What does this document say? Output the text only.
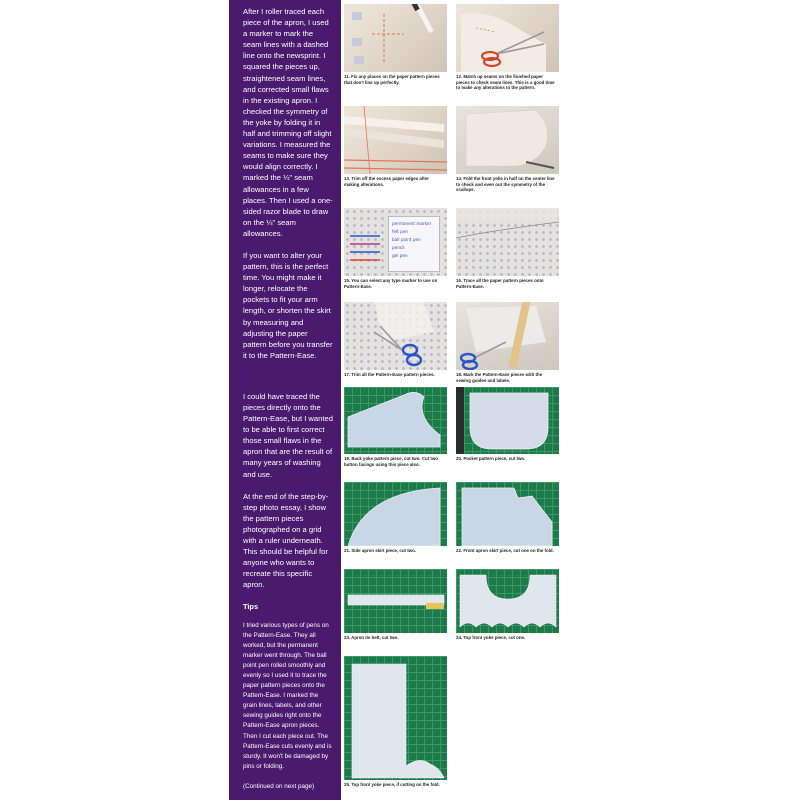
After I roller traced each piece of the apron, I used a marker to mark the seam lines with a dashed line onto the newsprint. I squared the pieces up, straightened seam lines, and corrected small flaws in the existing apron. I checked the symmetry of the yoke by folding it in half and trimming off slight variations. I measured the seams to make sure they would align correctly. I marked the ¼" seam allowances in a few places. Then I used a one-sided razor blade to draw on the ¼" seam allowances.

If you want to alter your pattern, this is the perfect time. You might make it longer, relocate the pockets to fit your arm length, or shorten the skirt by measuring and adjusting the paper pattern before you transfer it to the Pattern-Ease.

I could have traced the pieces directly onto the Pattern-Ease, but I wanted to be able to first correct those small flaws in the apron that are the result of many years of washing and use.

At the end of the step-by-step photo essay, I show the pattern pieces photographed on a grid with a ruler underneath. This should be helpful for anyone who wants to recreate this specific apron.

Tips

I tried various types of pens on the Pattern-Ease. They all worked, but the permanent marker went through. The ball point pen rolled smoothly and evenly so I used it to trace the paper pattern pieces onto the Pattern-Ease. I marked the grain lines, labels, and other sewing guides right onto the Pattern-Ease apron pieces. Then I cut each piece out. The Pattern-Ease cuts evenly and is sturdy. It won't be damaged by pins or folding.

(Continued on next page)

11. Fix any places on the paper pattern pieces that don't line up perfectly.
12. Match up seams on the finished paper pieces to check seam lines. This is a good time to make any alterations to the pattern.
13. Trim off the excess paper edges after making alterations.
14. Fold the front yoke in half on the center line to check and even out the symmetry of the scallops.
permanent marker
felt pen
ball point pen
pencil
gel pen
15. You can select any type marker to use on Pattern-Ease.
16. Trace all the paper pattern pieces onto Pattern-Ease.
17. Trim all the Pattern-Ease pattern pieces.	18. Mark the Pattern-Ease pieces with the sewing guides and labels.
19. Back yoke pattern piece, cut two. Cut two button facings using this piece also.
20. Pocket pattern piece, cut two.
21. Side apron skirt piece, cut two.	22. Front apron skirt piece, cut one on the fold.
23. Apron tie belt, cut two.	24. Top front yoke piece, cut one.
25. Top front yoke piece, if cutting on the fold.
